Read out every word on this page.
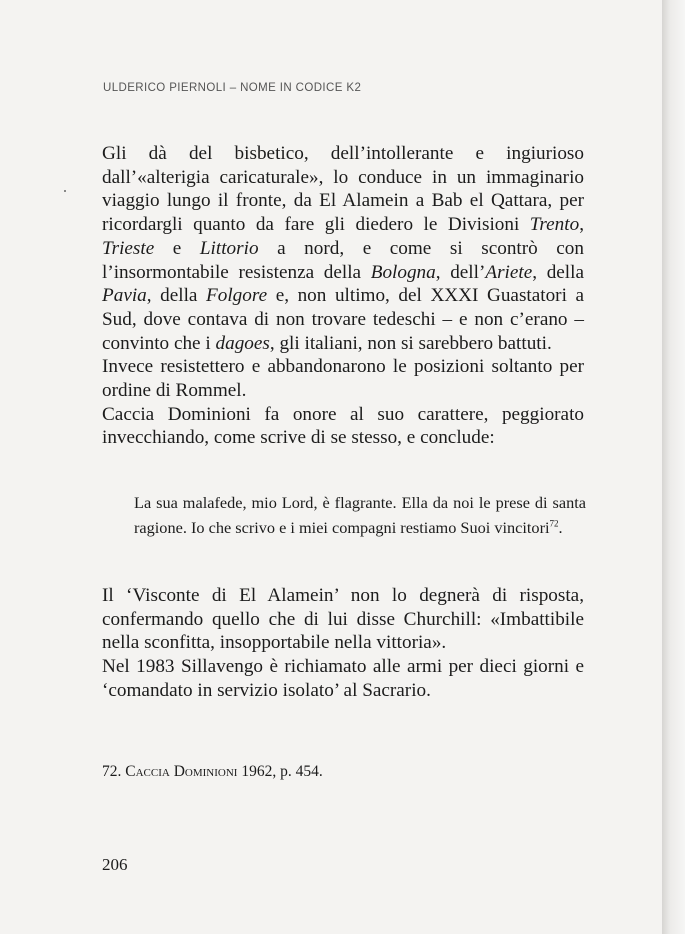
ULDERICO PIERNOLI – NOME IN CODICE K2

Gli dà del bisbetico, dell’intollerante e ingiurioso dall’«alterigia caricaturale», lo conduce in un immaginario viaggio lungo il fronte, da El Alamein a Bab el Qattara, per ricordargli quanto da fare gli diedero le Divisioni Trento, Trieste e Littorio a nord, e come si scontrò con l’insormontabile resistenza della Bologna, dell’Ariete, della Pavia, della Folgore e, non ultimo, del XXXI Guastatori a Sud, dove contava di non trovare tedeschi – e non c’erano – convinto che i dagoes, gli italiani, non si sarebbero battuti.

Invece resistettero e abbandonarono le posizioni soltanto per ordine di Rommel.

Caccia Dominioni fa onore al suo carattere, peggiorato invecchiando, come scrive di se stesso, e conclude:

La sua malafede, mio Lord, è flagrante. Ella da noi le prese di santa ragione. Io che scrivo e i miei compagni restiamo Suoi vincitori$^{72}$.

Il ‘Visconte di El Alamein’ non lo degnerà di risposta, confermando quello che di lui disse Churchill: «Imbattibile nella sconfitta, insopportabile nella vittoria».

Nel 1983 Sillavengo è richiamato alle armi per dieci giorni e ‘comandato in servizio isolato’ al Sacrario.

72. Caccia Dominioni 1962, p. 454.
206
